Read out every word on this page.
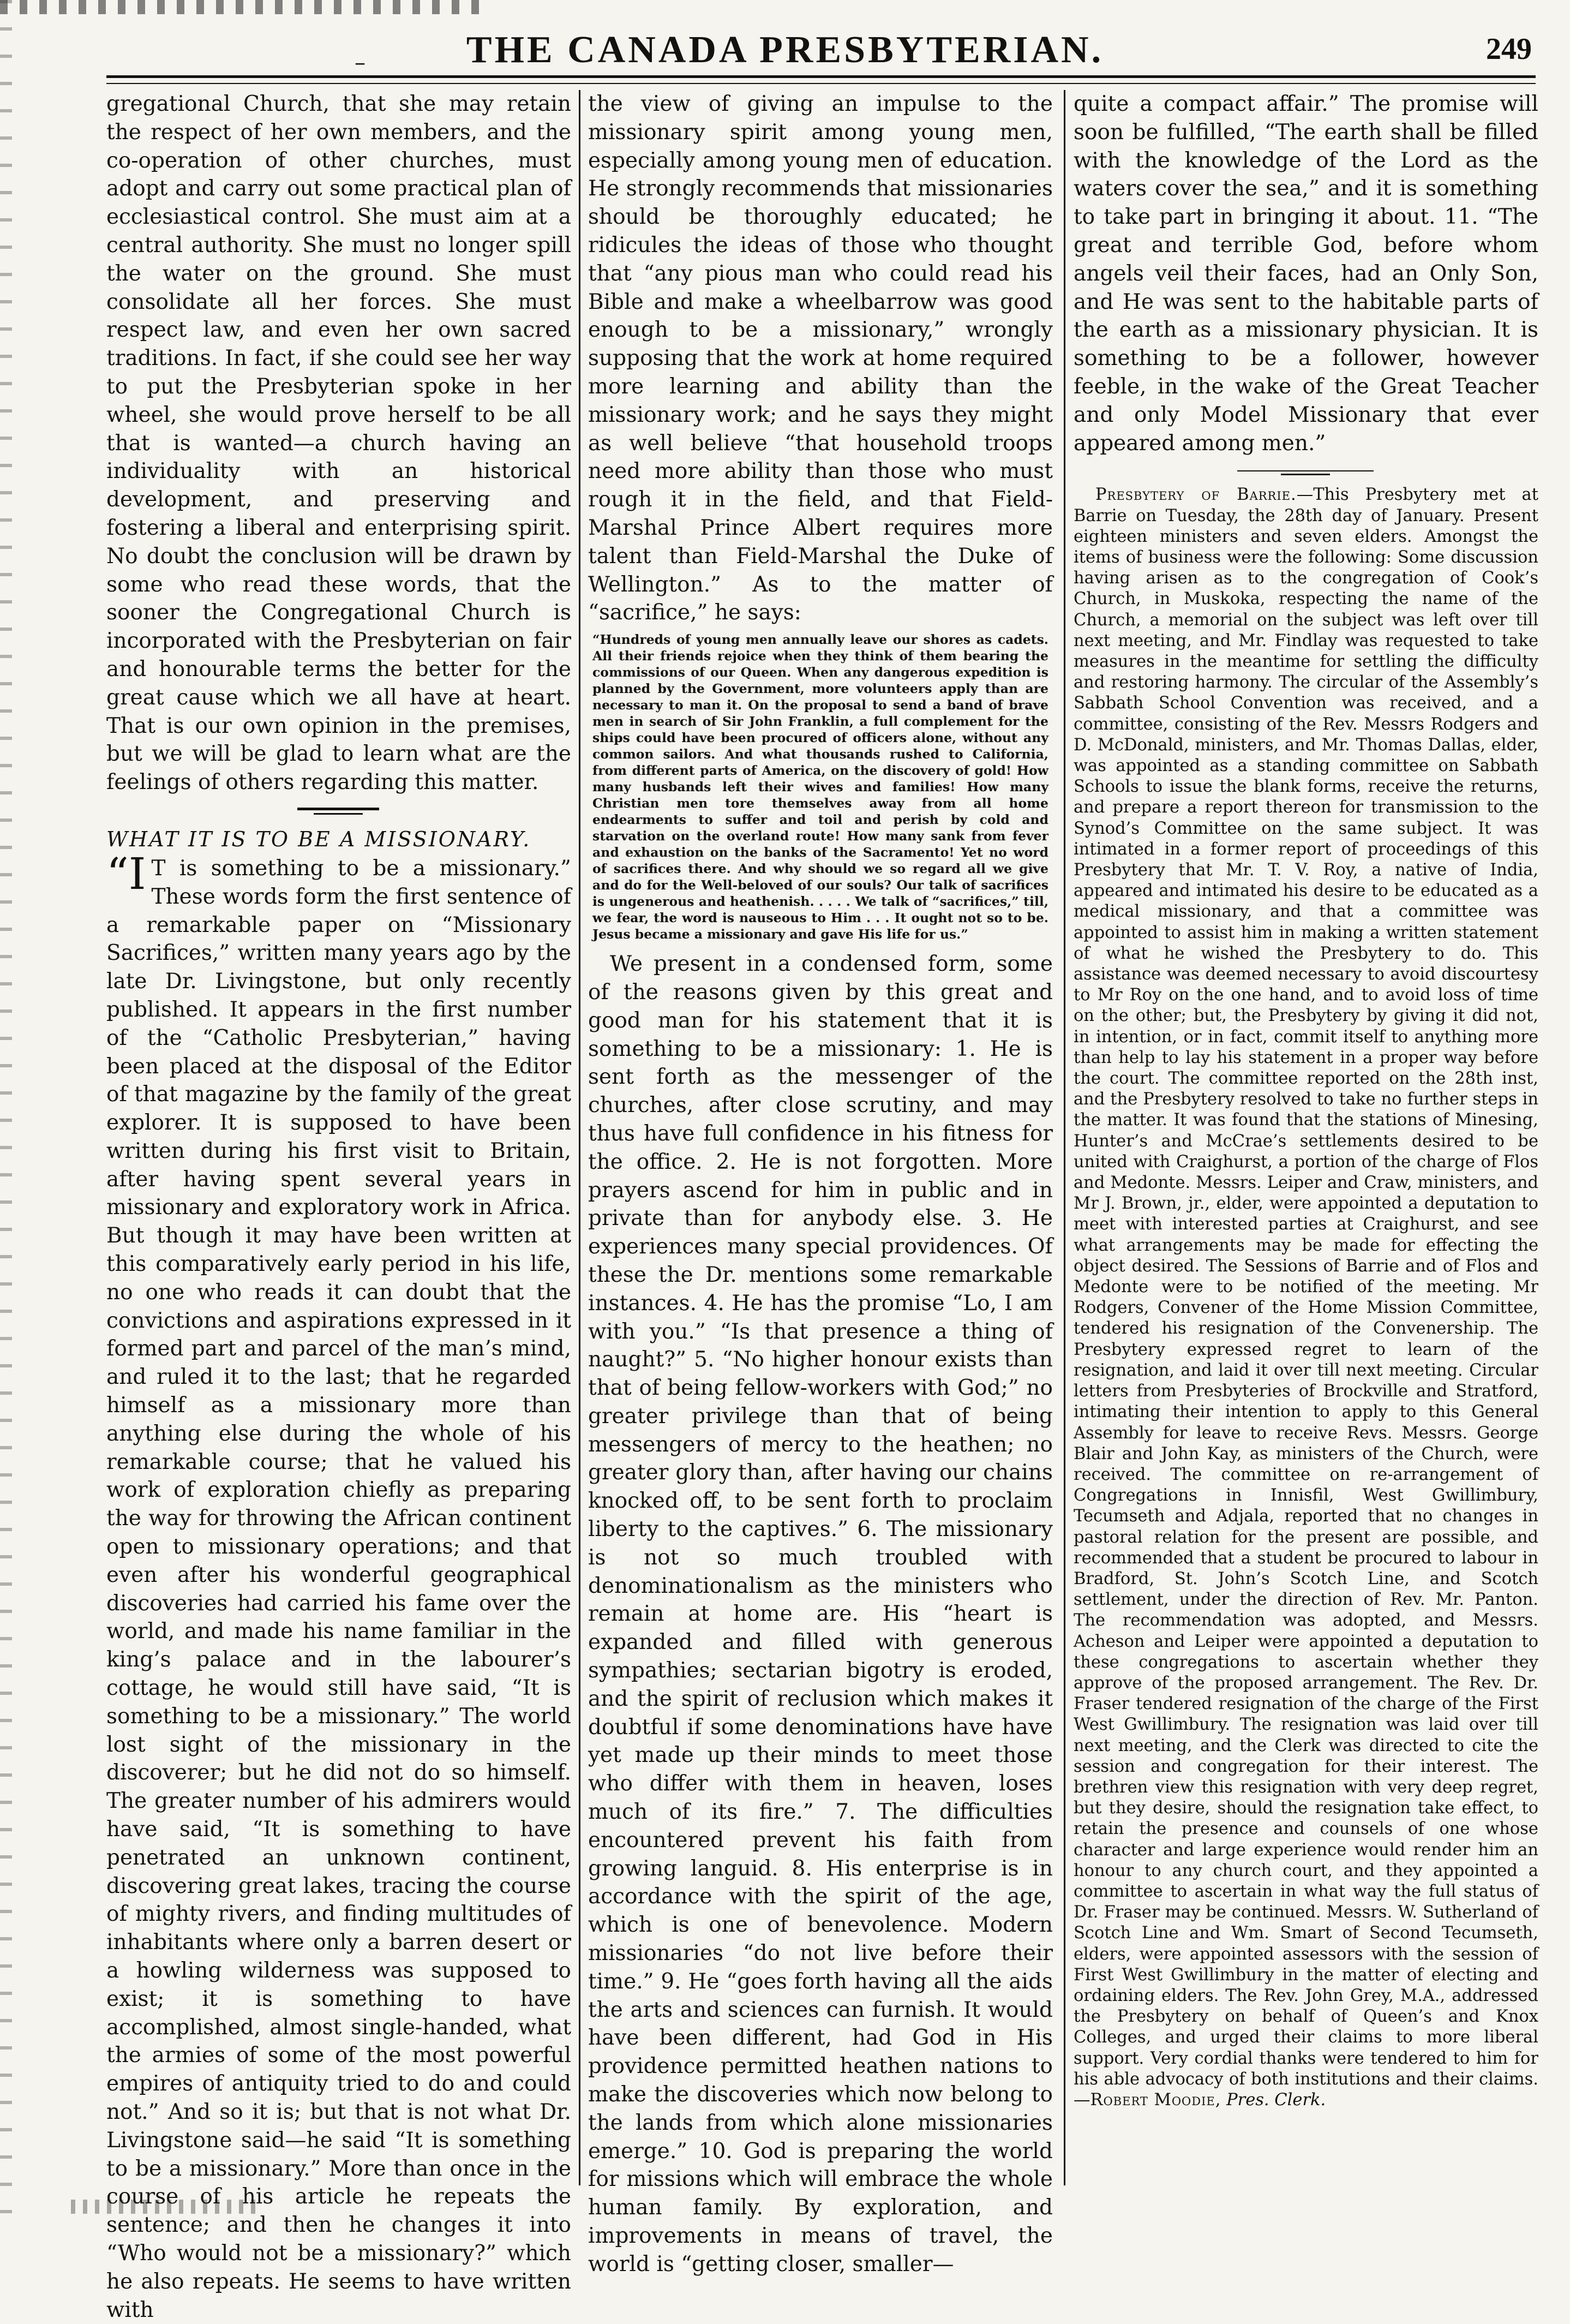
–	THE CANADA PRESBYTERIAN.	249

gregational Church, that she may retain the respect of her own members, and the co-operation of other churches, must adopt and carry out some practical plan of ecclesiastical control. She must aim at a central authority. She must no longer spill the water on the ground. She must consolidate all her forces. She must respect law, and even her own sacred traditions. In fact, if she could see her way to put the Presbyterian spoke in her wheel, she would prove herself to be all that is wanted—a church having an individuality with an historical development, and preserving and fostering a liberal and enterprising spirit. No doubt the conclusion will be drawn by some who read these words, that the sooner the Congregational Church is incorporated with the Presbyterian on fair and honourable terms the better for the great cause which we all have at heart. That is our own opinion in the premises, but we will be glad to learn what are the feelings of others regarding this matter.

WHAT IT IS TO BE A MISSIONARY.

“I T is something to be a missionary.” These words form the first sentence of a remarkable paper on “Missionary Sacrifices,” written many years ago by the late Dr. Livingstone, but only recently published. It appears in the first number of the “Catholic Presbyterian,” having been placed at the disposal of the Editor of that magazine by the family of the great explorer. It is supposed to have been written during his first visit to Britain, after having spent several years in missionary and exploratory work in Africa. But though it may have been written at this comparatively early period in his life, no one who reads it can doubt that the convictions and aspirations expressed in it formed part and parcel of the man’s mind, and ruled it to the last; that he regarded himself as a missionary more than anything else during the whole of his remarkable course; that he valued his work of exploration chiefly as preparing the way for throwing the African continent open to missionary operations; and that even after his wonderful geographical discoveries had carried his fame over the world, and made his name familiar in the king’s palace and in the labourer’s cottage, he would still have said, “It is something to be a missionary.” The world lost sight of the missionary in the discoverer; but he did not do so himself. The greater number of his admirers would have said, “It is something to have penetrated an unknown continent, discovering great lakes, tracing the course of mighty rivers, and finding multitudes of inhabitants where only a barren desert or a howling wilderness was supposed to exist; it is something to have accomplished, almost single-handed, what the armies of some of the most powerful empires of antiquity tried to do and could not.” And so it is; but that is not what Dr. Livingstone said—he said “It is something to be a missionary.” More than once in the course of his article he repeats the sentence; and then he changes it into “Who would not be a missionary?” which he also repeats. He seems to have written with

the view of giving an impulse to the missionary spirit among young men, especially among young men of education. He strongly recommends that missionaries should be thoroughly educated; he ridicules the ideas of those who thought that “any pious man who could read his Bible and make a wheelbarrow was good enough to be a missionary,” wrongly supposing that the work at home required more learning and ability than the missionary work; and he says they might as well believe “that household troops need more ability than those who must rough it in the field, and that Field-Marshal Prince Albert requires more talent than Field-Marshal the Duke of Wellington.” As to the matter of “sacrifice,” he says:

“Hundreds of young men annually leave our shores as cadets. All their friends rejoice when they think of them bearing the commissions of our Queen. When any dangerous expedition is planned by the Government, more volunteers apply than are necessary to man it. On the proposal to send a band of brave men in search of Sir John Franklin, a full complement for the ships could have been procured of officers alone, without any common sailors. And what thousands rushed to California, from different parts of America, on the discovery of gold! How many husbands left their wives and families! How many Christian men tore themselves away from all home endearments to suffer and toil and perish by cold and starvation on the overland route! How many sank from fever and exhaustion on the banks of the Sacramento! Yet no word of sacrifices there. And why should we so regard all we give and do for the Well-beloved of our souls? Our talk of sacrifices is ungenerous and heathenish. . . . . We talk of “sacrifices,” till, we fear, the word is nauseous to Him . . . It ought not so to be. Jesus became a missionary and gave His life for us.”

We present in a condensed form, some of the reasons given by this great and good man for his statement that it is something to be a missionary: 1. He is sent forth as the messenger of the churches, after close scrutiny, and may thus have full confidence in his fitness for the office. 2. He is not forgotten. More prayers ascend for him in public and in private than for anybody else. 3. He experiences many special providences. Of these the Dr. mentions some remarkable instances. 4. He has the promise “Lo, I am with you.” “Is that presence a thing of naught?” 5. “No higher honour exists than that of being fellow-workers with God;” no greater privilege than that of being messengers of mercy to the heathen; no greater glory than, after having our chains knocked off, to be sent forth to proclaim liberty to the captives.” 6. The missionary is not so much troubled with denominationalism as the ministers who remain at home are. His “heart is expanded and filled with generous sympathies; sectarian bigotry is eroded, and the spirit of reclusion which makes it doubtful if some denominations have have yet made up their minds to meet those who differ with them in heaven, loses much of its fire.” 7. The difficulties encountered prevent his faith from growing languid. 8. His enterprise is in accordance with the spirit of the age, which is one of benevolence. Modern missionaries “do not live before their time.” 9. He “goes forth having all the aids the arts and sciences can furnish. It would have been different, had God in His providence permitted heathen nations to make the discoveries which now belong to the lands from which alone missionaries emerge.” 10. God is preparing the world for missions which will embrace the whole human family. By exploration, and improvements in means of travel, the world is “getting closer, smaller—

quite a compact affair.” The promise will soon be fulfilled, “The earth shall be filled with the knowledge of the Lord as the waters cover the sea,” and it is something to take part in bringing it about. 11. “The great and terrible God, before whom angels veil their faces, had an Only Son, and He was sent to the habitable parts of the earth as a missionary physician. It is something to be a follower, however feeble, in the wake of the Great Teacher and only Model Missionary that ever appeared among men.”

Presbytery of Barrie.—This Presbytery met at Barrie on Tuesday, the 28th day of January. Present eighteen ministers and seven elders. Amongst the items of business were the following: Some discussion having arisen as to the congregation of Cook’s Church, in Muskoka, respecting the name of the Church, a memorial on the subject was left over till next meeting, and Mr. Findlay was requested to take measures in the meantime for settling the difficulty and restoring harmony. The circular of the Assembly’s Sabbath School Convention was received, and a committee, consisting of the Rev. Messrs Rodgers and D. McDonald, ministers, and Mr. Thomas Dallas, elder, was appointed as a standing committee on Sabbath Schools to issue the blank forms, receive the returns, and prepare a report thereon for transmission to the Synod’s Committee on the same subject. It was intimated in a former report of proceedings of this Presbytery that Mr. T. V. Roy, a native of India, appeared and intimated his desire to be educated as a medical missionary, and that a committee was appointed to assist him in making a written statement of what he wished the Presbytery to do. This assistance was deemed necessary to avoid discourtesy to Mr Roy on the one hand, and to avoid loss of time on the other; but, the Presbytery by giving it did not, in intention, or in fact, commit itself to anything more than help to lay his statement in a proper way before the court. The committee reported on the 28th inst, and the Presbytery resolved to take no further steps in the matter. It was found that the stations of Minesing, Hunter’s and McCrae’s settlements desired to be united with Craighurst, a portion of the charge of Flos and Medonte. Messrs. Leiper and Craw, ministers, and Mr J. Brown, jr., elder, were appointed a deputation to meet with interested parties at Craighurst, and see what arrangements may be made for effecting the object desired. The Sessions of Barrie and of Flos and Medonte were to be notified of the meeting. Mr Rodgers, Convener of the Home Mission Committee, tendered his resignation of the Convenership. The Presbytery expressed regret to learn of the resignation, and laid it over till next meeting. Circular letters from Presbyteries of Brockville and Stratford, intimating their intention to apply to this General Assembly for leave to receive Revs. Messrs. George Blair and John Kay, as ministers of the Church, were received. The committee on re-arrangement of Congregations in Innisfil, West Gwillimbury, Tecumseth and Adjala, reported that no changes in pastoral relation for the present are possible, and recommended that a student be procured to labour in Bradford, St. John’s Scotch Line, and Scotch settlement, under the direction of Rev. Mr. Panton. The recommendation was adopted, and Messrs. Acheson and Leiper were appointed a deputation to these congregations to ascertain whether they approve of the proposed arrangement. The Rev. Dr. Fraser tendered resignation of the charge of the First West Gwillimbury. The resignation was laid over till next meeting, and the Clerk was directed to cite the session and congregation for their interest. The brethren view this resignation with very deep regret, but they desire, should the resignation take effect, to retain the presence and counsels of one whose character and large experience would render him an honour to any church court, and they appointed a committee to ascertain in what way the full status of Dr. Fraser may be continued. Messrs. W. Sutherland of Scotch Line and Wm. Smart of Second Tecumseth, elders, were appointed assessors with the session of First West Gwillimbury in the matter of electing and ordaining elders. The Rev. John Grey, M.A., addressed the Presbytery on behalf of Queen’s and Knox Colleges, and urged their claims to more liberal support. Very cordial thanks were tendered to him for his able advocacy of both institutions and their claims.—Robert Moodie, Pres. Clerk.
